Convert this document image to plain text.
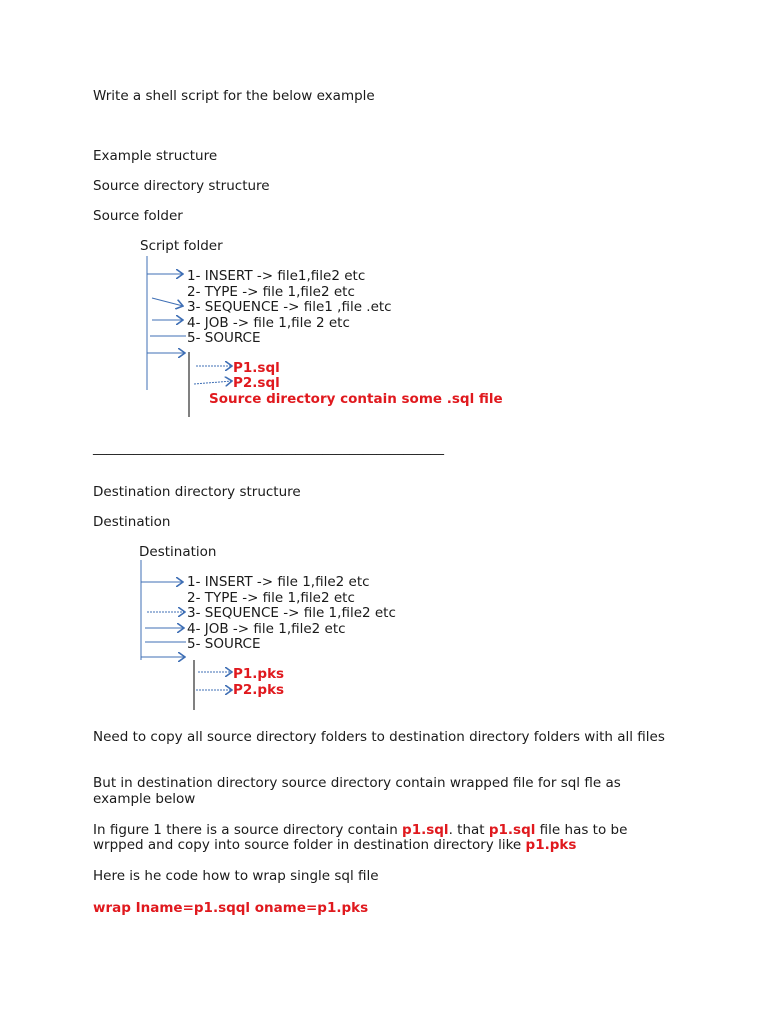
Write a shell script for the below example
Example structure
Source directory structure
Source folder
Script folder
1- INSERT -> file1,file2 etc
2- TYPE -> file 1,file2 etc
3- SEQUENCE -> file1 ,file .etc
4- JOB -> file 1,file 2 etc
5- SOURCE
P1.sql
P2.sql
Source directory contain some .sql file
____________________________________________________
Destination directory structure
Destination
Destination
1- INSERT -> file 1,file2 etc
2- TYPE -> file 1,file2 etc
3- SEQUENCE -> file 1,file2 etc
4- JOB -> file 1,file2 etc
5- SOURCE
P1.pks
P2.pks
Need to copy all source directory folders to destination directory folders with all files
But in destination directory source directory contain wrapped file for sql fle as example below
In figure 1 there is a source directory contain p1.sql. that p1.sql file has to be
wrpped and copy into source folder in destination directory like p1.pks
Here is he code how to wrap single sql file
wrap Iname=p1.sqql oname=p1.pks
